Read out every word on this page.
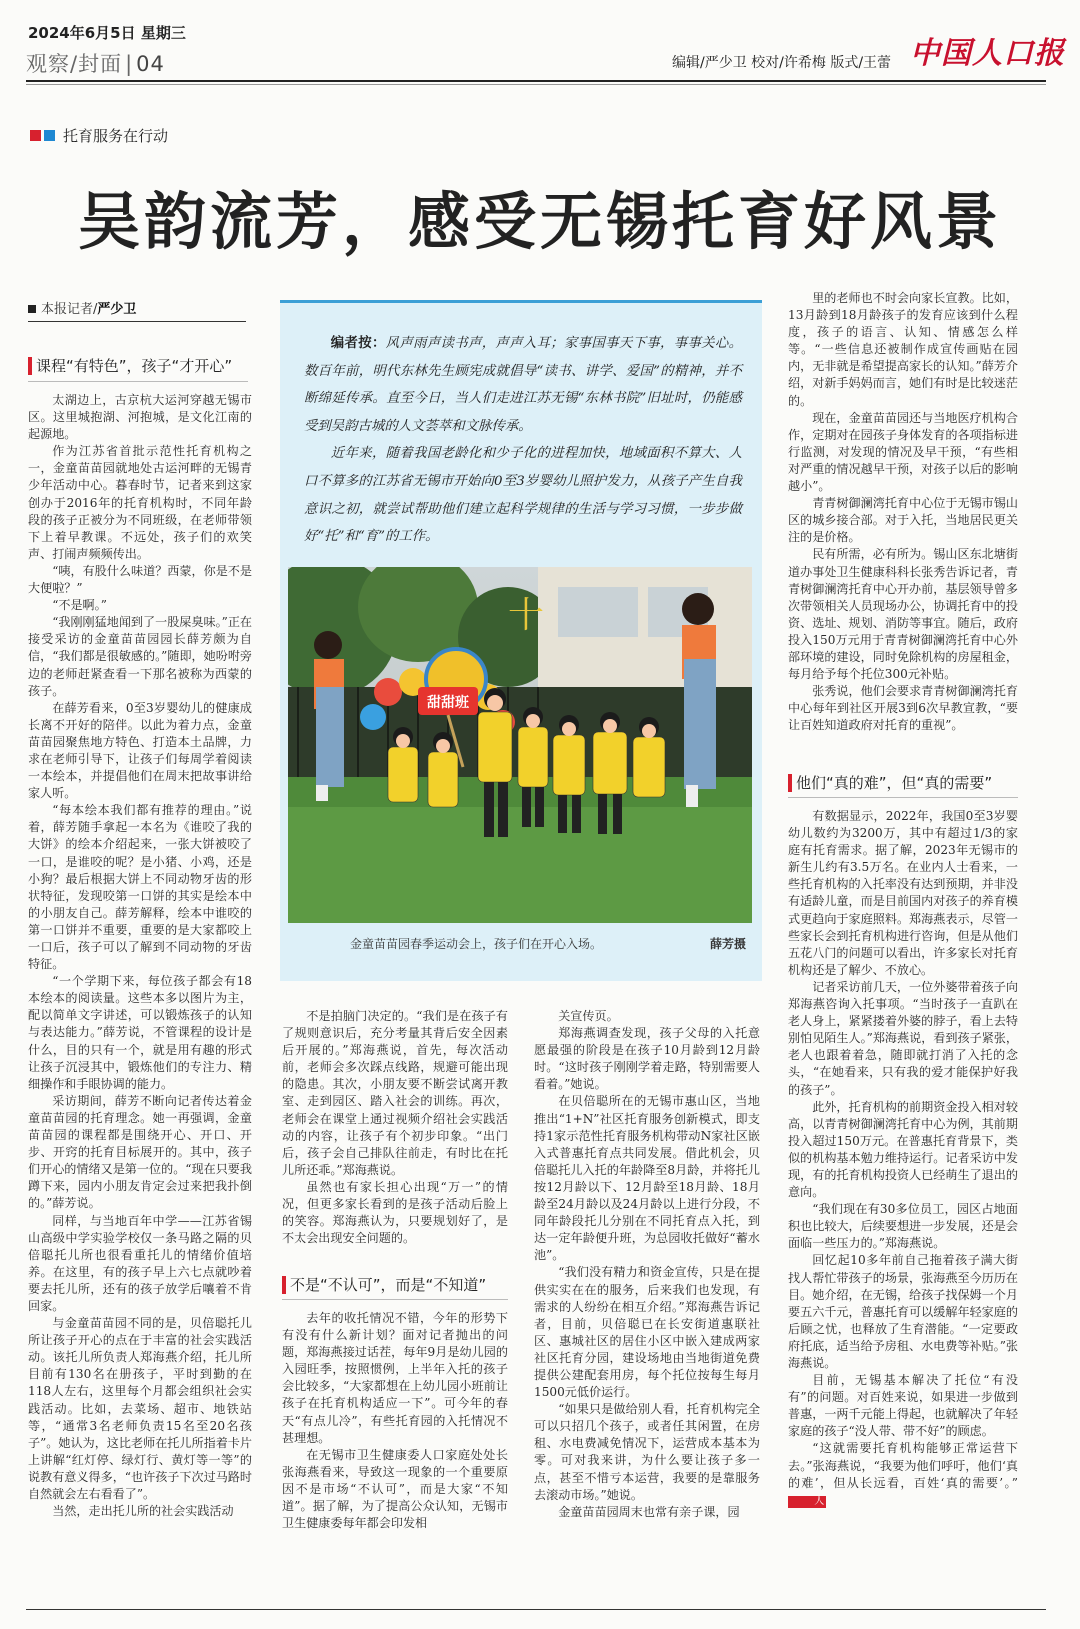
2024年6月5日 星期三
观察/封面 | 04	编辑/严少卫 校对/许希梅 版式/王蕾 中国人口报
托育服务在行动
吴韵流芳，感受无锡托育好风景
本报记者/严少卫
课程“有特色”，孩子“才开心”

太湖边上，古京杭大运河穿越无锡市区。这里城抱湖、河抱城，是文化江南的起源地。

作为江苏省首批示范性托育机构之一，金童苗苗园就地处古运河畔的无锡青少年活动中心。暮春时节，记者来到这家创办于2016年的托育机构时，不同年龄段的孩子正被分为不同班级，在老师带领下上着早教课。不远处，孩子们的欢笑声、打闹声频频传出。

“咦，有股什么味道？西蒙，你是不是大便啦？”

“不是啊。”

“我刚刚猛地闻到了一股屎臭味。”正在接受采访的金童苗苗园园长薛芳颇为自信，“我们都是很敏感的。”随即，她吩咐旁边的老师赶紧查看一下那名被称为西蒙的孩子。

在薛芳看来，0至3岁婴幼儿的健康成长离不开好的陪伴。以此为着力点，金童苗苗园聚焦地方特色、打造本土品牌，力求在老师引导下，让孩子们每周学着阅读一本绘本，并提倡他们在周末把故事讲给家人听。

“每本绘本我们都有推荐的理由。”说着，薛芳随手拿起一本名为《谁咬了我的大饼》的绘本介绍起来，一张大饼被咬了一口，是谁咬的呢？是小猪、小鸡，还是小狗？最后根据大饼上不同动物牙齿的形状特征，发现咬第一口饼的其实是绘本中的小朋友自己。薛芳解释，绘本中谁咬的第一口饼并不重要，重要的是大家都咬上一口后，孩子可以了解到不同动物的牙齿特征。

“一个学期下来，每位孩子都会有18本绘本的阅读量。这些本多以图片为主，配以简单文字讲述，可以锻炼孩子的认知与表达能力。”薛芳说，不管课程的设计是什么，目的只有一个，就是用有趣的形式让孩子沉浸其中，锻炼他们的专注力、精细操作和手眼协调的能力。

采访期间，薛芳不断向记者传达着金童苗苗园的托育理念。她一再强调，金童苗苗园的课程都是围绕开心、开口、开步、开窍的托育目标展开的。其中，孩子们开心的情绪又是第一位的。“现在只要我蹲下来，园内小朋友肯定会过来把我扑倒的。”薛芳说。

同样，与当地百年中学——江苏省锡山高级中学实验学校仅一条马路之隔的贝倍聪托儿所也很看重托儿的情绪价值培养。在这里，有的孩子早上六七点就吵着要去托儿所，还有的孩子放学后嚷着不肯回家。

与金童苗苗园不同的是，贝倍聪托儿所让孩子开心的点在于丰富的社会实践活动。该托儿所负责人郑海燕介绍，托儿所目前有130名在册孩子，平时到勤的在118人左右，这里每个月都会组织社会实践活动。比如，去菜场、超市、地铁站等，“通常3名老师负责15名至20名孩子”。她认为，这比老师在托儿所指着卡片上讲解“红灯停、绿灯行、黄灯等一等”的说教有意义得多，“也许孩子下次过马路时自然就会左右看看了”。

当然，走出托儿所的社会实践活动

编者按：风声雨声读书声，声声入耳；家事国事天下事，事事关心。数百年前，明代东林先生顾宪成就倡导“读书、讲学、爱国”的精神，并不断绵延传承。直至今日，当人们走进江苏无锡“东林书院”旧址时，仍能感受到吴韵古城的人文荟萃和文脉传承。

近年来，随着我国老龄化和少子化的进程加快，地域面积不算大、人口不算多的江苏省无锡市开始向0至3岁婴幼儿照护发力，从孩子产生自我意识之初，就尝试帮助他们建立起科学规律的生活与学习习惯，一步步做好“托”和“育”的工作。

十
甜甜班
金童苗苗园春季运动会上，孩子们在开心入场。	薛芳摄

不是拍脑门决定的。“我们是在孩子有了规则意识后，充分考量其背后安全因素后开展的。”郑海燕说，首先，每次活动前，老师会多次踩点线路，规避可能出现的隐患。其次，小朋友要不断尝试离开教室、走到园区、踏入社会的训练。再次，老师会在课堂上通过视频介绍社会实践活动的内容，让孩子有个初步印象。“出门后，孩子会自己排队往前走，有时比在托儿所还乖。”郑海燕说。

虽然也有家长担心出现“万一”的情况，但更多家长看到的是孩子活动后脸上的笑容。郑海燕认为，只要规划好了，是不太会出现安全问题的。

不是“不认可”，而是“不知道”

去年的收托情况不错，今年的形势下有没有什么新计划？面对记者抛出的问题，郑海燕接过话茬，每年9月是幼儿园的入园旺季，按照惯例，上半年入托的孩子会比较多，“大家都想在上幼儿园小班前让孩子在托育机构适应一下”。可今年的春天“有点儿冷”，有些托育园的入托情况不甚理想。

在无锡市卫生健康委人口家庭处处长张海燕看来，导致这一现象的一个重要原因不是市场“不认可”，而是大家“不知道”。据了解，为了提高公众认知，无锡市卫生健康委每年都会印发相

关宣传页。

郑海燕调查发现，孩子父母的入托意愿最强的阶段是在孩子10月龄到12月龄时。“这时孩子刚刚学着走路，特别需要人看着。”她说。

在贝倍聪所在的无锡市惠山区，当地推出“1+N”社区托育服务创新模式，即支持1家示范性托育服务机构带动N家社区嵌入式普惠托育点共同发展。借此机会，贝倍聪托儿入托的年龄降至8月龄，并将托儿按12月龄以下、12月龄至18月龄、18月龄至24月龄以及24月龄以上进行分段，不同年龄段托儿分别在不同托育点入托，到达一定年龄便升班，为总园收托做好“蓄水池”。

“我们没有精力和资金宣传，只是在提供实实在在的服务，后来我们也发现，有需求的人纷纷在相互介绍。”郑海燕告诉记者，目前，贝倍聪已在长安街道惠联社区、惠城社区的居住小区中嵌入建成两家社区托育分园，建设场地由当地街道免费提供公建配套用房，每个托位按每生每月1500元低价运行。

“如果只是做给别人看，托育机构完全可以只招几个孩子，或者任其闲置，在房租、水电费减免情况下，运营成本基本为零。可对我来讲，为什么要让孩子多一点，甚至不惜亏本运营，我要的是靠服务去滚动市场。”她说。

金童苗苗园周末也常有亲子课，园

里的老师也不时会向家长宣教。比如，13月龄到18月龄孩子的发育应该到什么程度，孩子的语言、认知、情感怎么样等。“一些信息还被制作成宣传画贴在园内，无非就是希望提高家长的认知。”薛芳介绍，对新手妈妈而言，她们有时是比较迷茫的。

现在，金童苗苗园还与当地医疗机构合作，定期对在园孩子身体发育的各项指标进行监测，对发现的情况及早干预，“有些相对严重的情况越早干预，对孩子以后的影响越小”。

青青树御澜湾托育中心位于无锡市锡山区的城乡接合部。对于入托，当地居民更关注的是价格。

民有所需，必有所为。锡山区东北塘街道办事处卫生健康科科长张秀告诉记者，青青树御澜湾托育中心开办前，基层领导曾多次带领相关人员现场办公，协调托育中的投资、选址、规划、消防等事宜。随后，政府投入150万元用于青青树御澜湾托育中心外部环境的建设，同时免除机构的房屋租金，每月给予每个托位300元补贴。

张秀说，他们会要求青青树御澜湾托育中心每年到社区开展3到6次早教宣教，“要让百姓知道政府对托育的重视”。

他们“真的难”，但“真的需要”

有数据显示，2022年，我国0至3岁婴幼儿数约为3200万，其中有超过1/3的家庭有托育需求。据了解，2023年无锡市的新生儿约有3.5万名。在业内人士看来，一些托育机构的入托率没有达到预期，并非没有适龄儿童，而是目前国内对孩子的养育模式更趋向于家庭照料。郑海燕表示，尽管一些家长会到托育机构进行咨询，但是从他们五花八门的问题可以看出，许多家长对托育机构还是了解少、不放心。

记者采访前几天，一位外婆带着孩子向郑海燕咨询入托事项。“当时孩子一直趴在老人身上，紧紧搂着外婆的脖子，看上去特别怕见陌生人。”郑海燕说，看到孩子紧张，老人也跟着着急，随即就打消了入托的念头，“在她看来，只有我的爱才能保护好我的孩子”。

此外，托育机构的前期资金投入相对较高，以青青树御澜湾托育中心为例，其前期投入超过150万元。在普惠托育背景下，类似的机构基本勉力维持运行。记者采访中发现，有的托育机构投资人已经萌生了退出的意向。

“我们现在有30多位员工，园区占地面积也比较大，后续要想进一步发展，还是会面临一些压力的。”郑海燕说。

回忆起10多年前自己拖着孩子满大街找人帮忙带孩子的场景，张海燕至今历历在目。她介绍，在无锡，给孩子找保姆一个月要五六千元，普惠托育可以缓解年轻家庭的后顾之忧，也释放了生育潜能。“一定要政府托底，适当给予房租、水电费等补贴。”张海燕说。

目前，无锡基本解决了托位“有没有”的问题。对百姓来说，如果进一步做到普惠，一两千元能上得起，也就解决了年轻家庭的孩子“没人带、带不好”的顾虑。

“这就需要托育机构能够正常运营下去。”张海燕说，“我要为他们呼吁，他们‘真的难’，但从长远看，百姓‘真的需要’。”人
